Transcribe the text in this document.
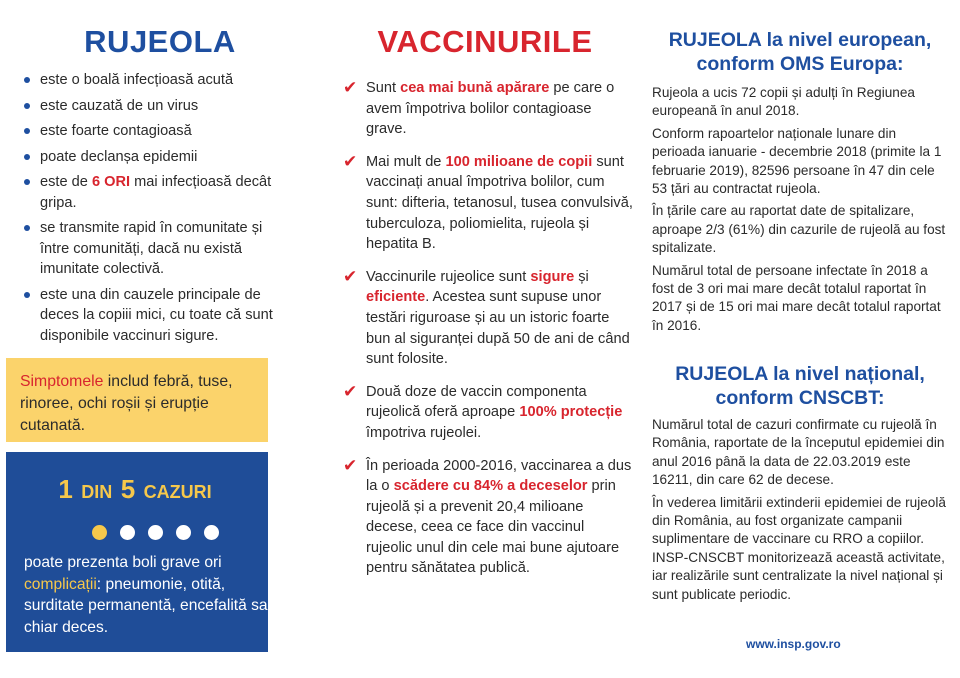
RUJEOLA
este o boală infecțioasă acută
este cauzată de un virus
este foarte contagioasă
poate declanșa epidemii
este de 6 ORI mai infecțioasă decât gripa.
se transmite rapid în comunitate și între comunități, dacă nu există imunitate colectivă.
este una din cauzele principale de deces la copiii mici, cu toate că sunt disponibile vaccinuri sigure.
Simptomele includ febră, tuse, rinoree, ochi roșii și erupție cutanată.
1 DIN 5 CAZURI
poate prezenta boli grave ori complicații: pneumonie, otită, surditate permanentă, encefalită sau chiar deces.
VACCINURILE
✔ Sunt cea mai bună apărare pe care o avem împotriva bolilor contagioase grave.
✔ Mai mult de 100 milioane de copii sunt vaccinați anual împotriva bolilor, cum sunt: difteria, tetanosul, tusea convulsivă, tuberculoza, poliomielita, rujeola și hepatita B.
✔ Vaccinurile rujeolice sunt sigure și eficiente. Acestea sunt supuse unor testări riguroase și au un istoric foarte bun al siguranței după 50 de ani de când sunt folosite.
✔ Două doze de vaccin componenta rujeolică oferă aproape 100% protecție împotriva rujeolei.
✔ În perioada 2000-2016, vaccinarea a dus la o scădere cu 84% a deceselor prin rujeolă și a prevenit 20,4 milioane decese, ceea ce face din vaccinul rujeolic unul din cele mai bune ajutoare pentru sănătatea publică.
RUJEOLA la nivel european,
conform OMS Europa:

Rujeola a ucis 72 copii și adulți în Regiunea europeană în anul 2018.

Conform rapoartelor naționale lunare din perioada ianuarie - decembrie 2018 (primite la 1 februarie 2019), 82596 persoane în 47 din cele 53 țări au contractat rujeola.

În țările care au raportat date de spitalizare, aproape 2/3 (61%) din cazurile de rujeolă au fost spitalizate.

Numărul total de persoane infectate în 2018 a fost de 3 ori mai mare decât totalul raportat în 2017 și de 15 ori mai mare decât totalul raportat în 2016.

RUJEOLA la nivel național,
conform CNSCBT:

Numărul total de cazuri confirmate cu rujeolă în România, raportate de la începutul epidemiei din anul 2016 până la data de 22.03.2019 este 16211, din care 62 de decese.

În vederea limitării extinderii epidemiei de rujeolă din România, au fost organizate campanii suplimentare de vaccinare cu RRO a copiilor. INSP-CNSCBT monitorizează această activitate, iar realizările sunt centralizate la nivel național și sunt publicate periodic.

www.insp.gov.ro
